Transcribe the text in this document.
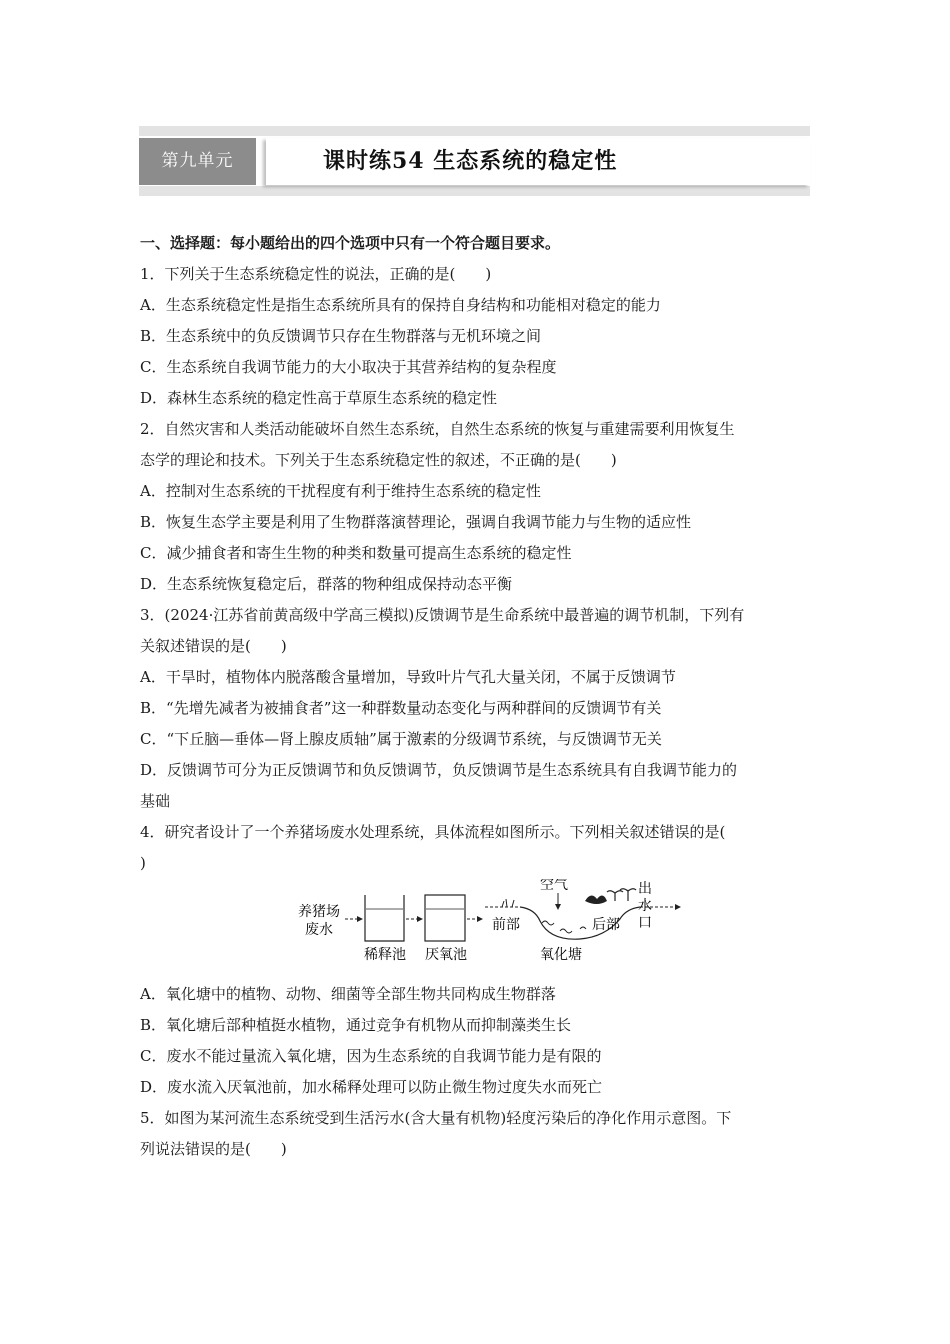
第九单元	课时练54 生态系统的稳定性
一、选择题：每小题给出的四个选项中只有一个符合题目要求。
1．下列关于生态系统稳定性的说法，正确的是(　　)
A．生态系统稳定性是指生态系统所具有的保持自身结构和功能相对稳定的能力
B．生态系统中的负反馈调节只存在生物群落与无机环境之间
C．生态系统自我调节能力的大小取决于其营养结构的复杂程度
D．森林生态系统的稳定性高于草原生态系统的稳定性
2．自然灾害和人类活动能破坏自然生态系统，自然生态系统的恢复与重建需要利用恢复生
态学的理论和技术。下列关于生态系统稳定性的叙述，不正确的是(　　)
A．控制对生态系统的干扰程度有利于维持生态系统的稳定性
B．恢复生态学主要是利用了生物群落演替理论，强调自我调节能力与生物的适应性
C．减少捕食者和寄生生物的种类和数量可提高生态系统的稳定性
D．生态系统恢复稳定后，群落的物种组成保持动态平衡
3．(2024·江苏省前黄高级中学高三模拟)反馈调节是生命系统中最普遍的调节机制，下列有
关叙述错误的是(　　)
A．干旱时，植物体内脱落酸含量增加，导致叶片气孔大量关闭，不属于反馈调节
B．“先增先减者为被捕食者”这一种群数量动态变化与两种群间的反馈调节有关
C．“下丘脑—垂体—肾上腺皮质轴”属于激素的分级调节系统，与反馈调节无关
D．反馈调节可分为正反馈调节和负反馈调节，负反馈调节是生态系统具有自我调节能力的
基础
4．研究者设计了一个养猪场废水处理系统，具体流程如图所示。下列相关叙述错误的是(
)
养猪场
废水
稀释池 厌氧池
前部
空气
后部
氧化塘
出
水
口
A．氧化塘中的植物、动物、细菌等全部生物共同构成生物群落
B．氧化塘后部种植挺水植物，通过竞争有机物从而抑制藻类生长
C．废水不能过量流入氧化塘，因为生态系统的自我调节能力是有限的
D．废水流入厌氧池前，加水稀释处理可以防止微生物过度失水而死亡
5．如图为某河流生态系统受到生活污水(含大量有机物)轻度污染后的净化作用示意图。下
列说法错误的是(　　)
